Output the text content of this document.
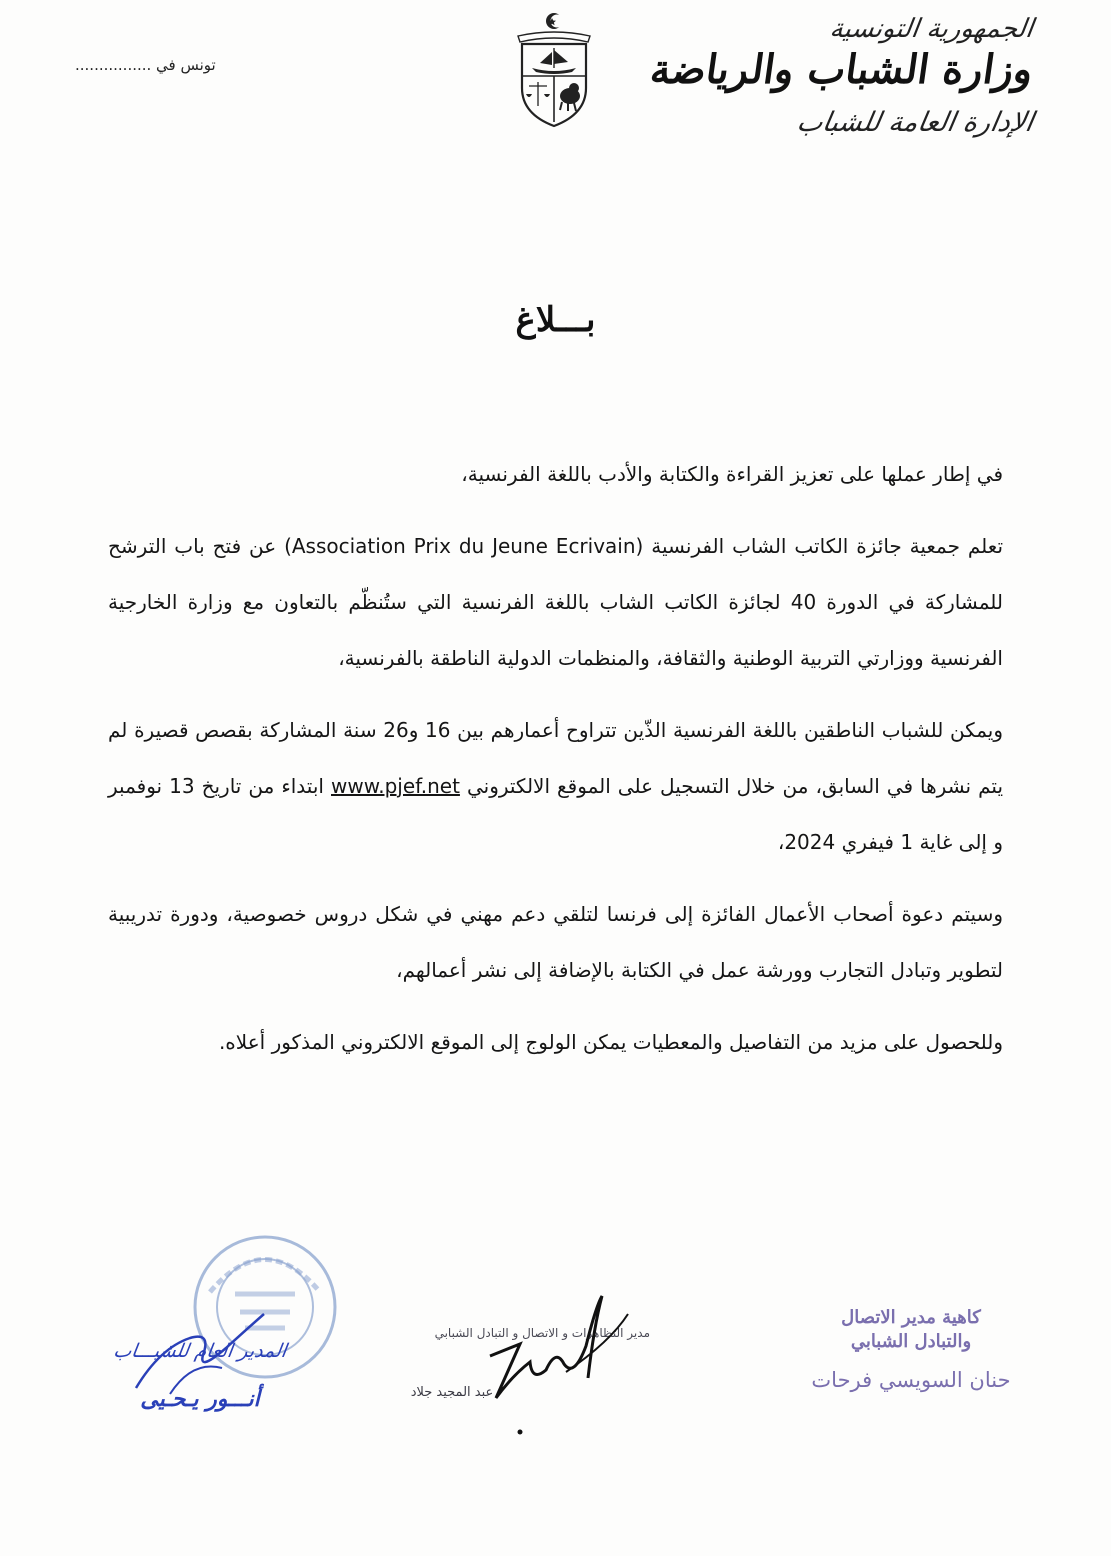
الجمهورية التونسية
وزارة الشباب والرياضة
الإدارة العامة للشباب
تونس في ................
بـــلاغ

في إطار عملها على تعزيز القراءة والكتابة والأدب باللغة الفرنسية،

تعلم جمعية جائزة الكاتب الشاب الفرنسية (Association Prix du Jeune Ecrivain) عن فتح باب الترشح للمشاركة في الدورة 40 لجائزة الكاتب الشاب باللغة الفرنسية التي ستُنظّم بالتعاون مع وزارة الخارجية الفرنسية ووزارتي التربية الوطنية والثقافة، والمنظمات الدولية الناطقة بالفرنسية،

ويمكن للشباب الناطقين باللغة الفرنسية الذّين تتراوح أعمارهم بين 16 و26 سنة المشاركة بقصص قصيرة لم يتم نشرها في السابق، من خلال التسجيل على الموقع الالكتروني www.pjef.net ابتداء من تاريخ 13 نوفمبر و إلى غاية 1 فيفري 2024،

وسيتم دعوة أصحاب الأعمال الفائزة إلى فرنسا لتلقي دعم مهني في شكل دروس خصوصية، ودورة تدريبية لتطوير وتبادل التجارب وورشة عمل في الكتابة بالإضافة إلى نشر أعمالهم،

وللحصول على مزيد من التفاصيل والمعطيات يمكن الولوج إلى الموقع الالكتروني المذكور أعلاه.

المدير العام للشبـــاب
أنـــور يـحـيى
مدير التظاهرات و الاتصال و التبادل الشبابي
عبد المجيد جلاد
كاهية مدير الاتصال
والتبادل الشبابي
حنان السويسي فرحات
